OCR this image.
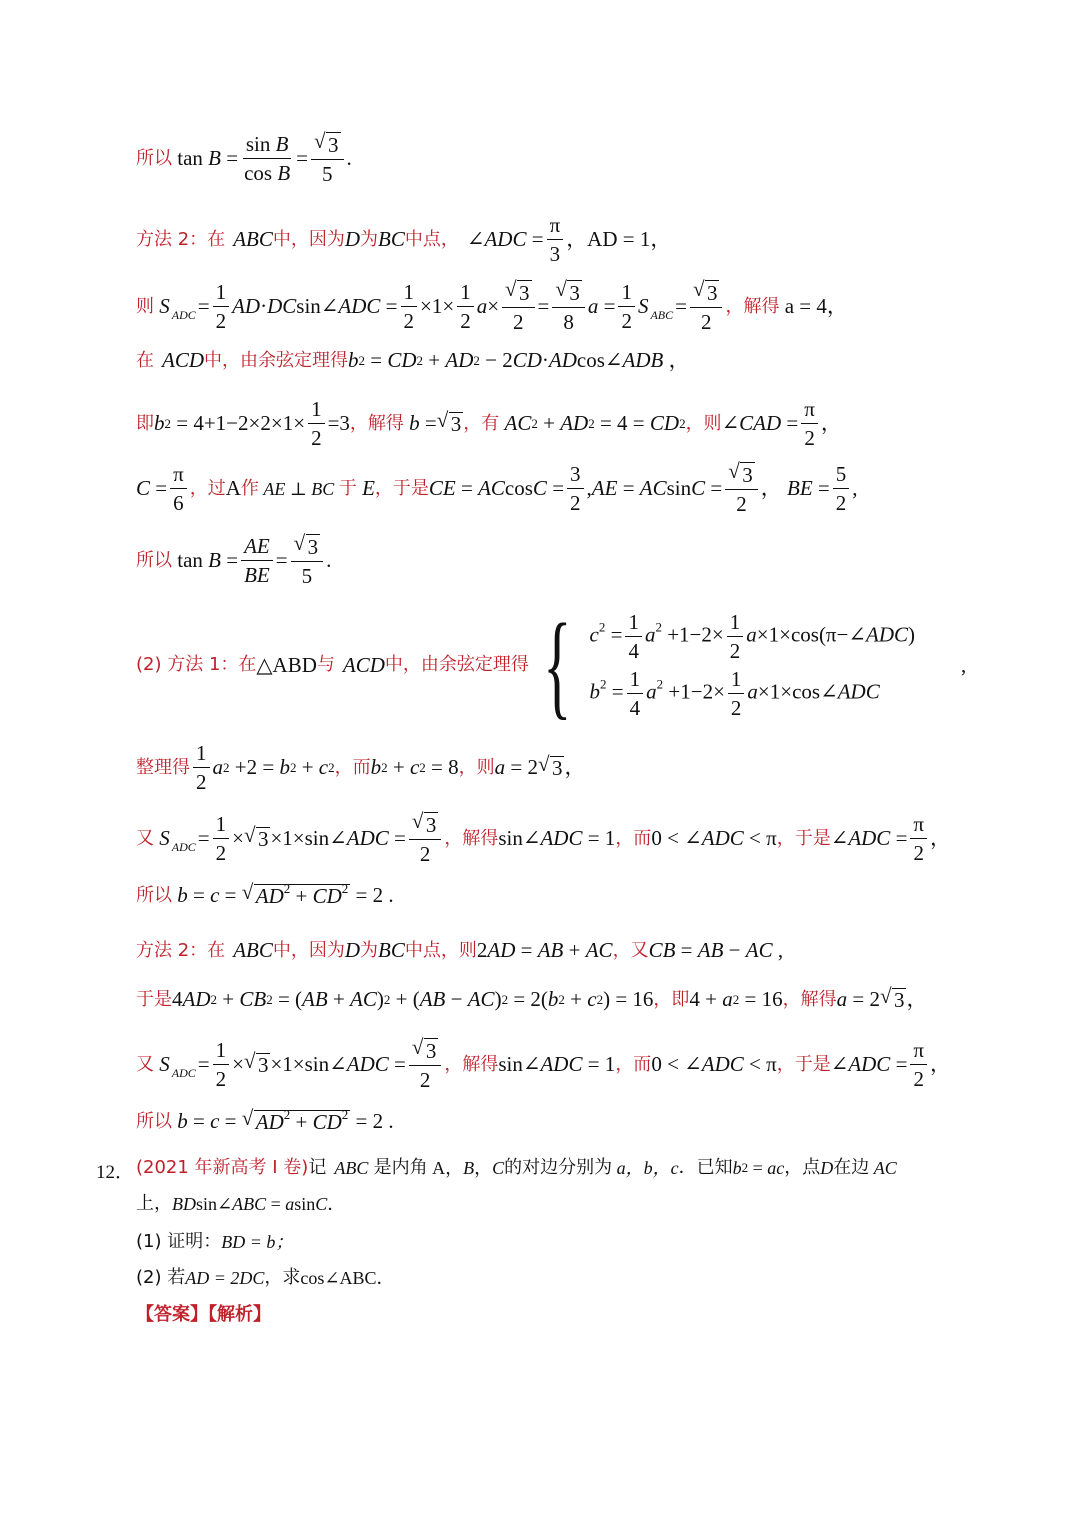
所以 $\tan B = \frac{\text{sin B}}{\text{cos B}}$ = √ $\frac{3}{5}$ .
方法 2：在 ABC 中，因为 D 为 BC 中点， ∠ADC = $\frac{\pi}{3}$ ，AD = 1，
则 S ADC = $\frac{1}{2}$ AD · DC sin ∠ADC = $\frac{1}{2} \times 1\times \frac{1}{2}$ a × √ $\frac{3}{2}$ = √ $\frac{3}{8}$ $a = \frac{1}{2}$ S ABC = √ $\frac{3}{2}$ ，解得
a = 4，
在 ACD 中，由余弦定理得 b 2 = CD 2 + AD 2 − 2 CD · AD cos ∠ADB ，
即 b $2 = 4+1-2\times 2\times 1\times \frac{1}{2} =3$ ，解得 b = √ 3 ，有 AC 2 + AD 2 = 4 = CD 2 ，则 ∠CAD = $\frac{\pi}{2}$ ，
$C = \frac{\pi}{6}$ ，过 A 作 AE ⊥ BC 于 E ，于是 CE = AC $\cos C = \frac{3}{2}$ , AE = AC sin C = √ $\frac{3}{2}$ ， BE = $\frac{5}{2}$ ,
所以 $\tan B = \frac{AE}{BE}$ = √ $\frac{3}{5}$ .
(2) 方法 1：在 △ABD 与 ACD 中，由余弦定理得 { $c^2 = \frac{1}{4} a^2 +1-2\times \frac{1}{2}$ a×1×cos(π−∠ADC)
$b^2 = \frac{1}{4} a^2 +1-2\times \frac{1}{2}$ a×1×cos∠ADC
,
整理得 $\frac{1}{2}$ a 2 +2 = b 2 + c 2 ，而 b 2 + c 2 = 8 ，则 a = 2 √ 3 ，
又 S ADC = $\frac{1}{2}$ × √ 3 ×1× sin ∠ADC = √ $\frac{3}{2}$ ，解得 sin ∠ADC = 1 ，而 0 < ∠ADC < π ，于是 ∠ADC = $\frac{\pi}{2}$ ，
所以 b = c = √ $AD^2 + CD^2 = 2$ .
方法 2：在 ABC 中，因为 D 为 BC 中点，则 2 AD = AB + AC ，又 CB = AB − AC ,
于是 4 AD 2 + CB 2 = ( AB + AC ) 2 + ( AB − AC ) 2 = 2( b 2 + c 2 ) = 16 ，即 4 + a 2 = 16 ，解得 a = 2 √ 3 ，
又 S ADC = $\frac{1}{2}$ × √ 3 ×1× sin ∠ADC = √ $\frac{3}{2}$ ，解得 sin ∠ADC = 1 ，而 0 < ∠ADC < π ，于是 ∠ADC = $\frac{\pi}{2}$ ，
所以 b = c = √ $AD^2 + CD^2 = 2$ .
12． (2021 年新高考 I 卷) 记 ABC
是内角 A， B ， C 的对边分别为 a，b，c ．已知 b 2 = ac ，点 D 在边 AC
上， BD sin ∠ABC = a sin C ．
(1) 证明： BD = b；
(2) 若 AD = 2DC ，求 cos∠ABC．
【答案】【解析】
